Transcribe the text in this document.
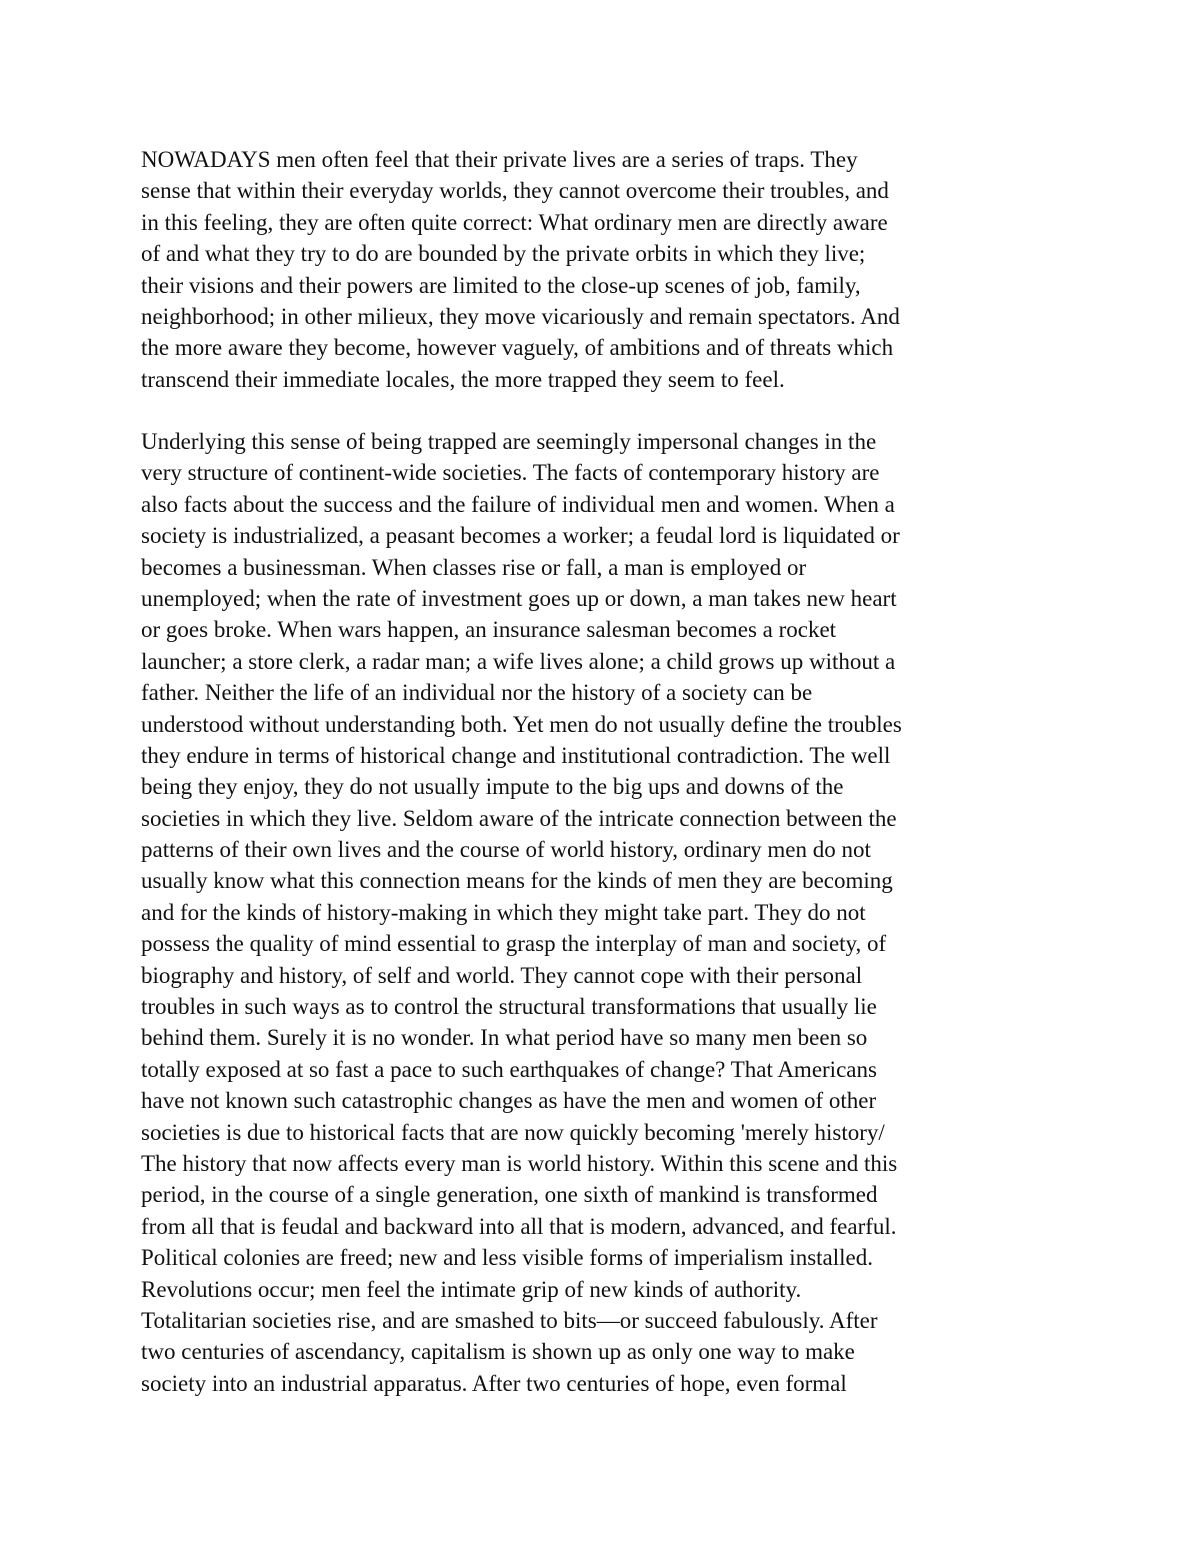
NOWADAYS men often feel that their private lives are a series of traps. They
sense that within their everyday worlds, they cannot overcome their troubles, and
in this feeling, they are often quite correct: What ordinary men are directly aware
of and what they try to do are bounded by the private orbits in which they live;
their visions and their powers are limited to the close-up scenes of job, family,
neighborhood; in other milieux, they move vicariously and remain spectators. And
the more aware they become, however vaguely, of ambitions and of threats which
transcend their immediate locales, the more trapped they seem to feel.
Underlying this sense of being trapped are seemingly impersonal changes in the
very structure of continent-wide societies. The facts of contemporary history are
also facts about the success and the failure of individual men and women. When a
society is industrialized, a peasant becomes a worker; a feudal lord is liquidated or
becomes a businessman. When classes rise or fall, a man is employed or
unemployed; when the rate of investment goes up or down, a man takes new heart
or goes broke. When wars happen, an insurance salesman becomes a rocket
launcher; a store clerk, a radar man; a wife lives alone; a child grows up without a
father. Neither the life of an individual nor the history of a society can be
understood without understanding both. Yet men do not usually define the troubles
they endure in terms of historical change and institutional contradiction. The well
being they enjoy, they do not usually impute to the big ups and downs of the
societies in which they live. Seldom aware of the intricate connection between the
patterns of their own lives and the course of world history, ordinary men do not
usually know what this connection means for the kinds of men they are becoming
and for the kinds of history-making in which they might take part. They do not
possess the quality of mind essential to grasp the interplay of man and society, of
biography and history, of self and world. They cannot cope with their personal
troubles in such ways as to control the structural transformations that usually lie
behind them. Surely it is no wonder. In what period have so many men been so
totally exposed at so fast a pace to such earthquakes of change? That Americans
have not known such catastrophic changes as have the men and women of other
societies is due to historical facts that are now quickly becoming 'merely history/
The history that now affects every man is world history. Within this scene and this
period, in the course of a single generation, one sixth of mankind is transformed
from all that is feudal and backward into all that is modern, advanced, and fearful.
Political colonies are freed; new and less visible forms of imperialism installed.
Revolutions occur; men feel the intimate grip of new kinds of authority.
Totalitarian societies rise, and are smashed to bits—or succeed fabulously. After
two centuries of ascendancy, capitalism is shown up as only one way to make
society into an industrial apparatus. After two centuries of hope, even formal
